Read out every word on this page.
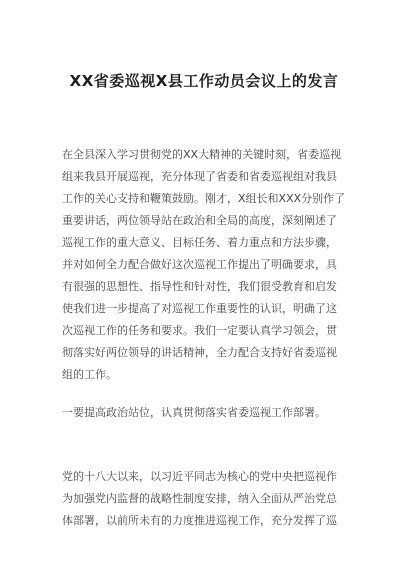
XX省委巡视X县工作动员会议上的发言
在全县深入学习贯彻党的XX大精神的关键时刻，省委巡视
组来我县开展巡视，充分体现了省委和省委巡视组对我县
工作的关心支持和鞭策鼓励。刚才，X组长和XXX分别作了
重要讲话，两位领导站在政治和全局的高度，深刻阐述了
巡视工作的重大意义、目标任务、着力重点和方法步骤，
并对如何全力配合做好这次巡视工作提出了明确要求，具
有很强的思想性、指导性和针对性，我们很受教育和启发
使我们进一步提高了对巡视工作重要性的认识，明确了这
次巡视工作的任务和要求。我们一定要认真学习领会，贯
彻落实好两位领导的讲话精神，全力配合支持好省委巡视
组的工作。
一要提高政治站位，认真贯彻落实省委巡视工作部署。
党的十八大以来，以习近平同志为核心的党中央把巡视作
为加强党内监督的战略性制度安排，纳入全面从严治党总
体部署，以前所未有的力度推进巡视工作，充分发挥了巡
